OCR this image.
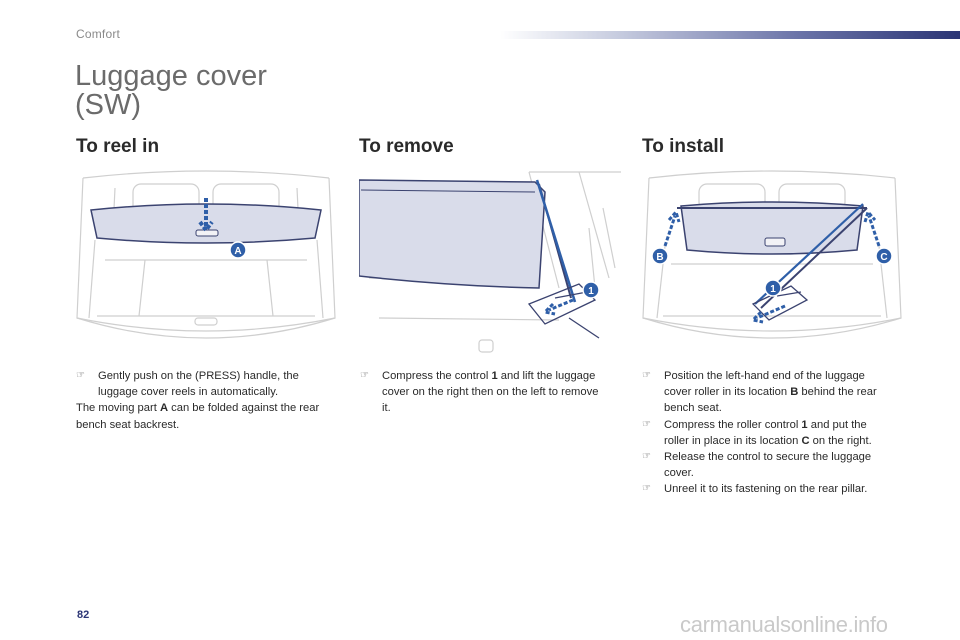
Comfort
Luggage cover
(SW)
To reel in	To remove	To install
A
1
B	C
1

☞ Gently push on the (PRESS) handle, the luggage cover reels in automatically.

The moving part A can be folded against the rear bench seat backrest.

☞ Compress the control 1 and lift the luggage cover on the right then on the left to remove it.

☞ Position the left-hand end of the luggage cover roller in its location B behind the rear bench seat.

☞ Compress the roller control 1 and put the roller in place in its location C on the right.

☞ Release the control to secure the luggage cover.

☞ Unreel it to its fastening on the rear pillar.

82	carmanualsonline.info
